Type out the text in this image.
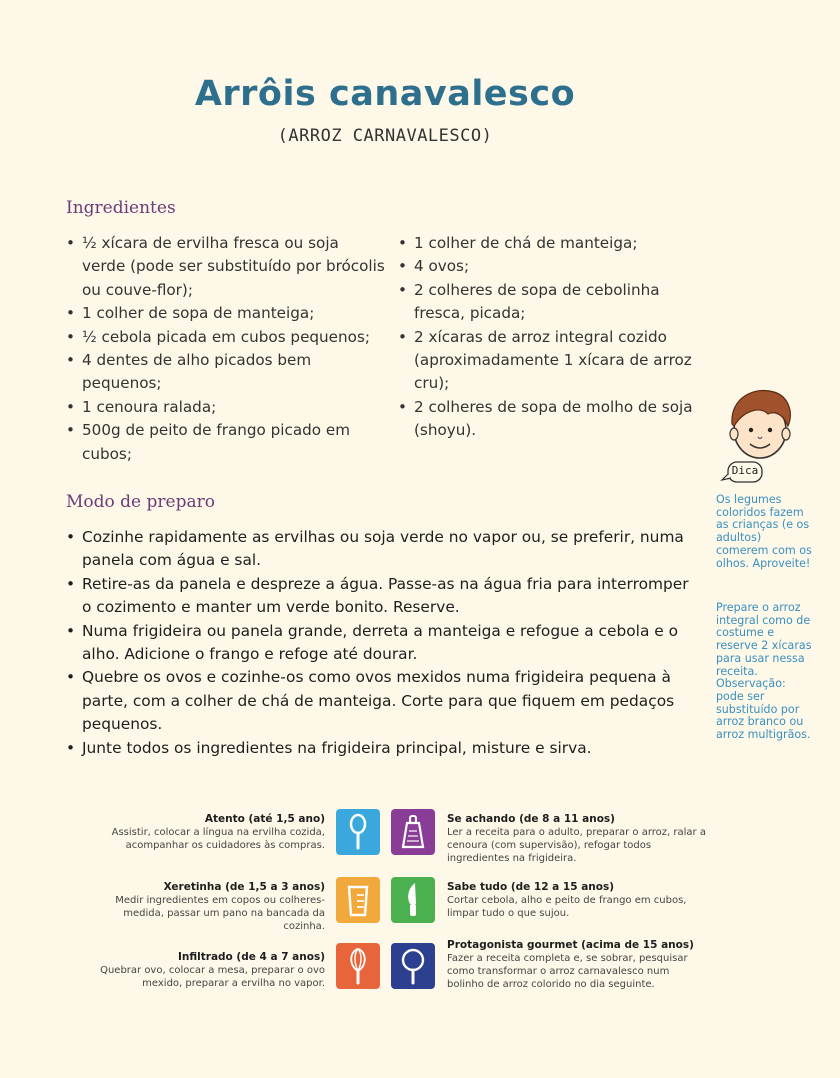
Arrôis canavalesco
(ARROZ CARNAVALESCO)
Ingredientes
• ½ xícara de ervilha fresca ou soja verde (pode ser substituído por brócolis ou couve-flor);
• 1 colher de sopa de manteiga;
• ½ cebola picada em cubos pequenos;
• 4 dentes de alho picados bem pequenos;
• 1 cenoura ralada;
• 500g de peito de frango picado em cubos;
• 1 colher de chá de manteiga;
• 4 ovos;
• 2 colheres de sopa de cebolinha fresca, picada;
• 2 xícaras de arroz integral cozido (aproximadamente 1 xícara de arroz cru);
• 2 colheres de sopa de molho de soja (shoyu).
Modo de preparo
• Cozinhe rapidamente as ervilhas ou soja verde no vapor ou, se preferir, numa panela com água e sal.
• Retire-as da panela e despreze a água. Passe-as na água fria para interromper o cozimento e manter um verde bonito. Reserve.
• Numa frigideira ou panela grande, derreta a manteiga e refogue a cebola e o alho. Adicione o frango e refoge até dourar.
• Quebre os ovos e cozinhe-os como ovos mexidos numa frigideira pequena à parte, com a colher de chá de manteiga. Corte para que fiquem em pedaços pequenos.
• Junte todos os ingredientes na frigideira principal, misture e sirva.
Dica
Os legumes coloridos fazem as crianças (e os adultos) comerem com os olhos. Aproveite!
Prepare o arroz integral como de costume e reserve 2 xícaras para usar nessa receita. Observação: pode ser substituído por arroz branco ou arroz multigrãos.
Atento (até 1,5 ano)
Assistir, colocar a língua na ervilha cozida, acompanhar os cuidadores às compras.
Se achando (de 8 a 11 anos)
Ler a receita para o adulto, preparar o arroz, ralar a cenoura (com supervisão), refogar todos ingredientes na frigideira.
Xeretinha (de 1,5 a 3 anos)
Medir ingredientes em copos ou colheres-medida, passar um pano na bancada da cozinha.
Sabe tudo (de 12 a 15 anos)
Cortar cebola, alho e peito de frango em cubos, limpar tudo o que sujou.
Infiltrado (de 4 a 7 anos)
Quebrar ovo, colocar a mesa, preparar o ovo mexido, preparar a ervilha no vapor.
Protagonista gourmet (acima de 15 anos)
Fazer a receita completa e, se sobrar, pesquisar como transformar o arroz carnavalesco num bolinho de arroz colorido no dia seguinte.
